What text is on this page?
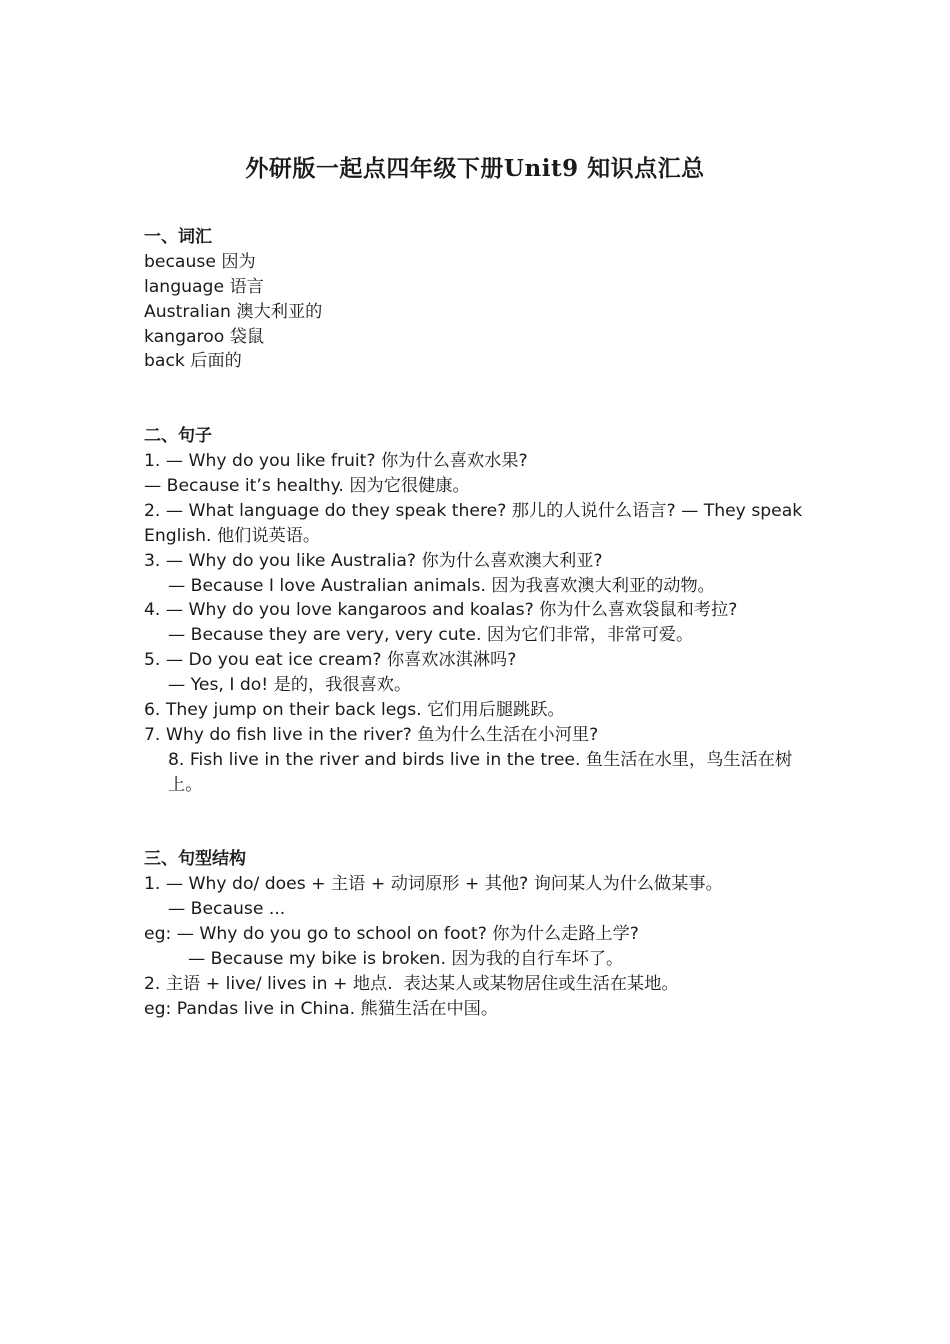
外研版一起点四年级下册Unit9 知识点汇总
一、词汇
because 因为
language 语言
Australian 澳大利亚的
kangaroo 袋鼠
back 后面的
二、句子
1. — Why do you like fruit? 你为什么喜欢水果?
— Because it’s healthy. 因为它很健康。
2. — What language do they speak there? 那儿的人说什么语言? — They speak English. 他们说英语。
3. — Why do you like Australia? 你为什么喜欢澳大利亚?
— Because I love Australian animals. 因为我喜欢澳大利亚的动物。
4. — Why do you love kangaroos and koalas? 你为什么喜欢袋鼠和考拉?
— Because they are very, very cute. 因为它们非常，非常可爱。
5. — Do you eat ice cream? 你喜欢冰淇淋吗?
— Yes, I do! 是的，我很喜欢。
6. They jump on their back legs. 它们用后腿跳跃。
7. Why do fish live in the river? 鱼为什么生活在小河里?
8. Fish live in the river and birds live in the tree. 鱼生活在水里，鸟生活在树上。
三、句型结构
1. — Why do/ does + 主语 + 动词原形 + 其他? 询问某人为什么做某事。
— Because ...
eg: — Why do you go to school on foot? 你为什么走路上学?
— Because my bike is broken. 因为我的自行车坏了。
2. 主语 + live/ lives in + 地点.  表达某人或某物居住或生活在某地。
eg: Pandas live in China. 熊猫生活在中国。
